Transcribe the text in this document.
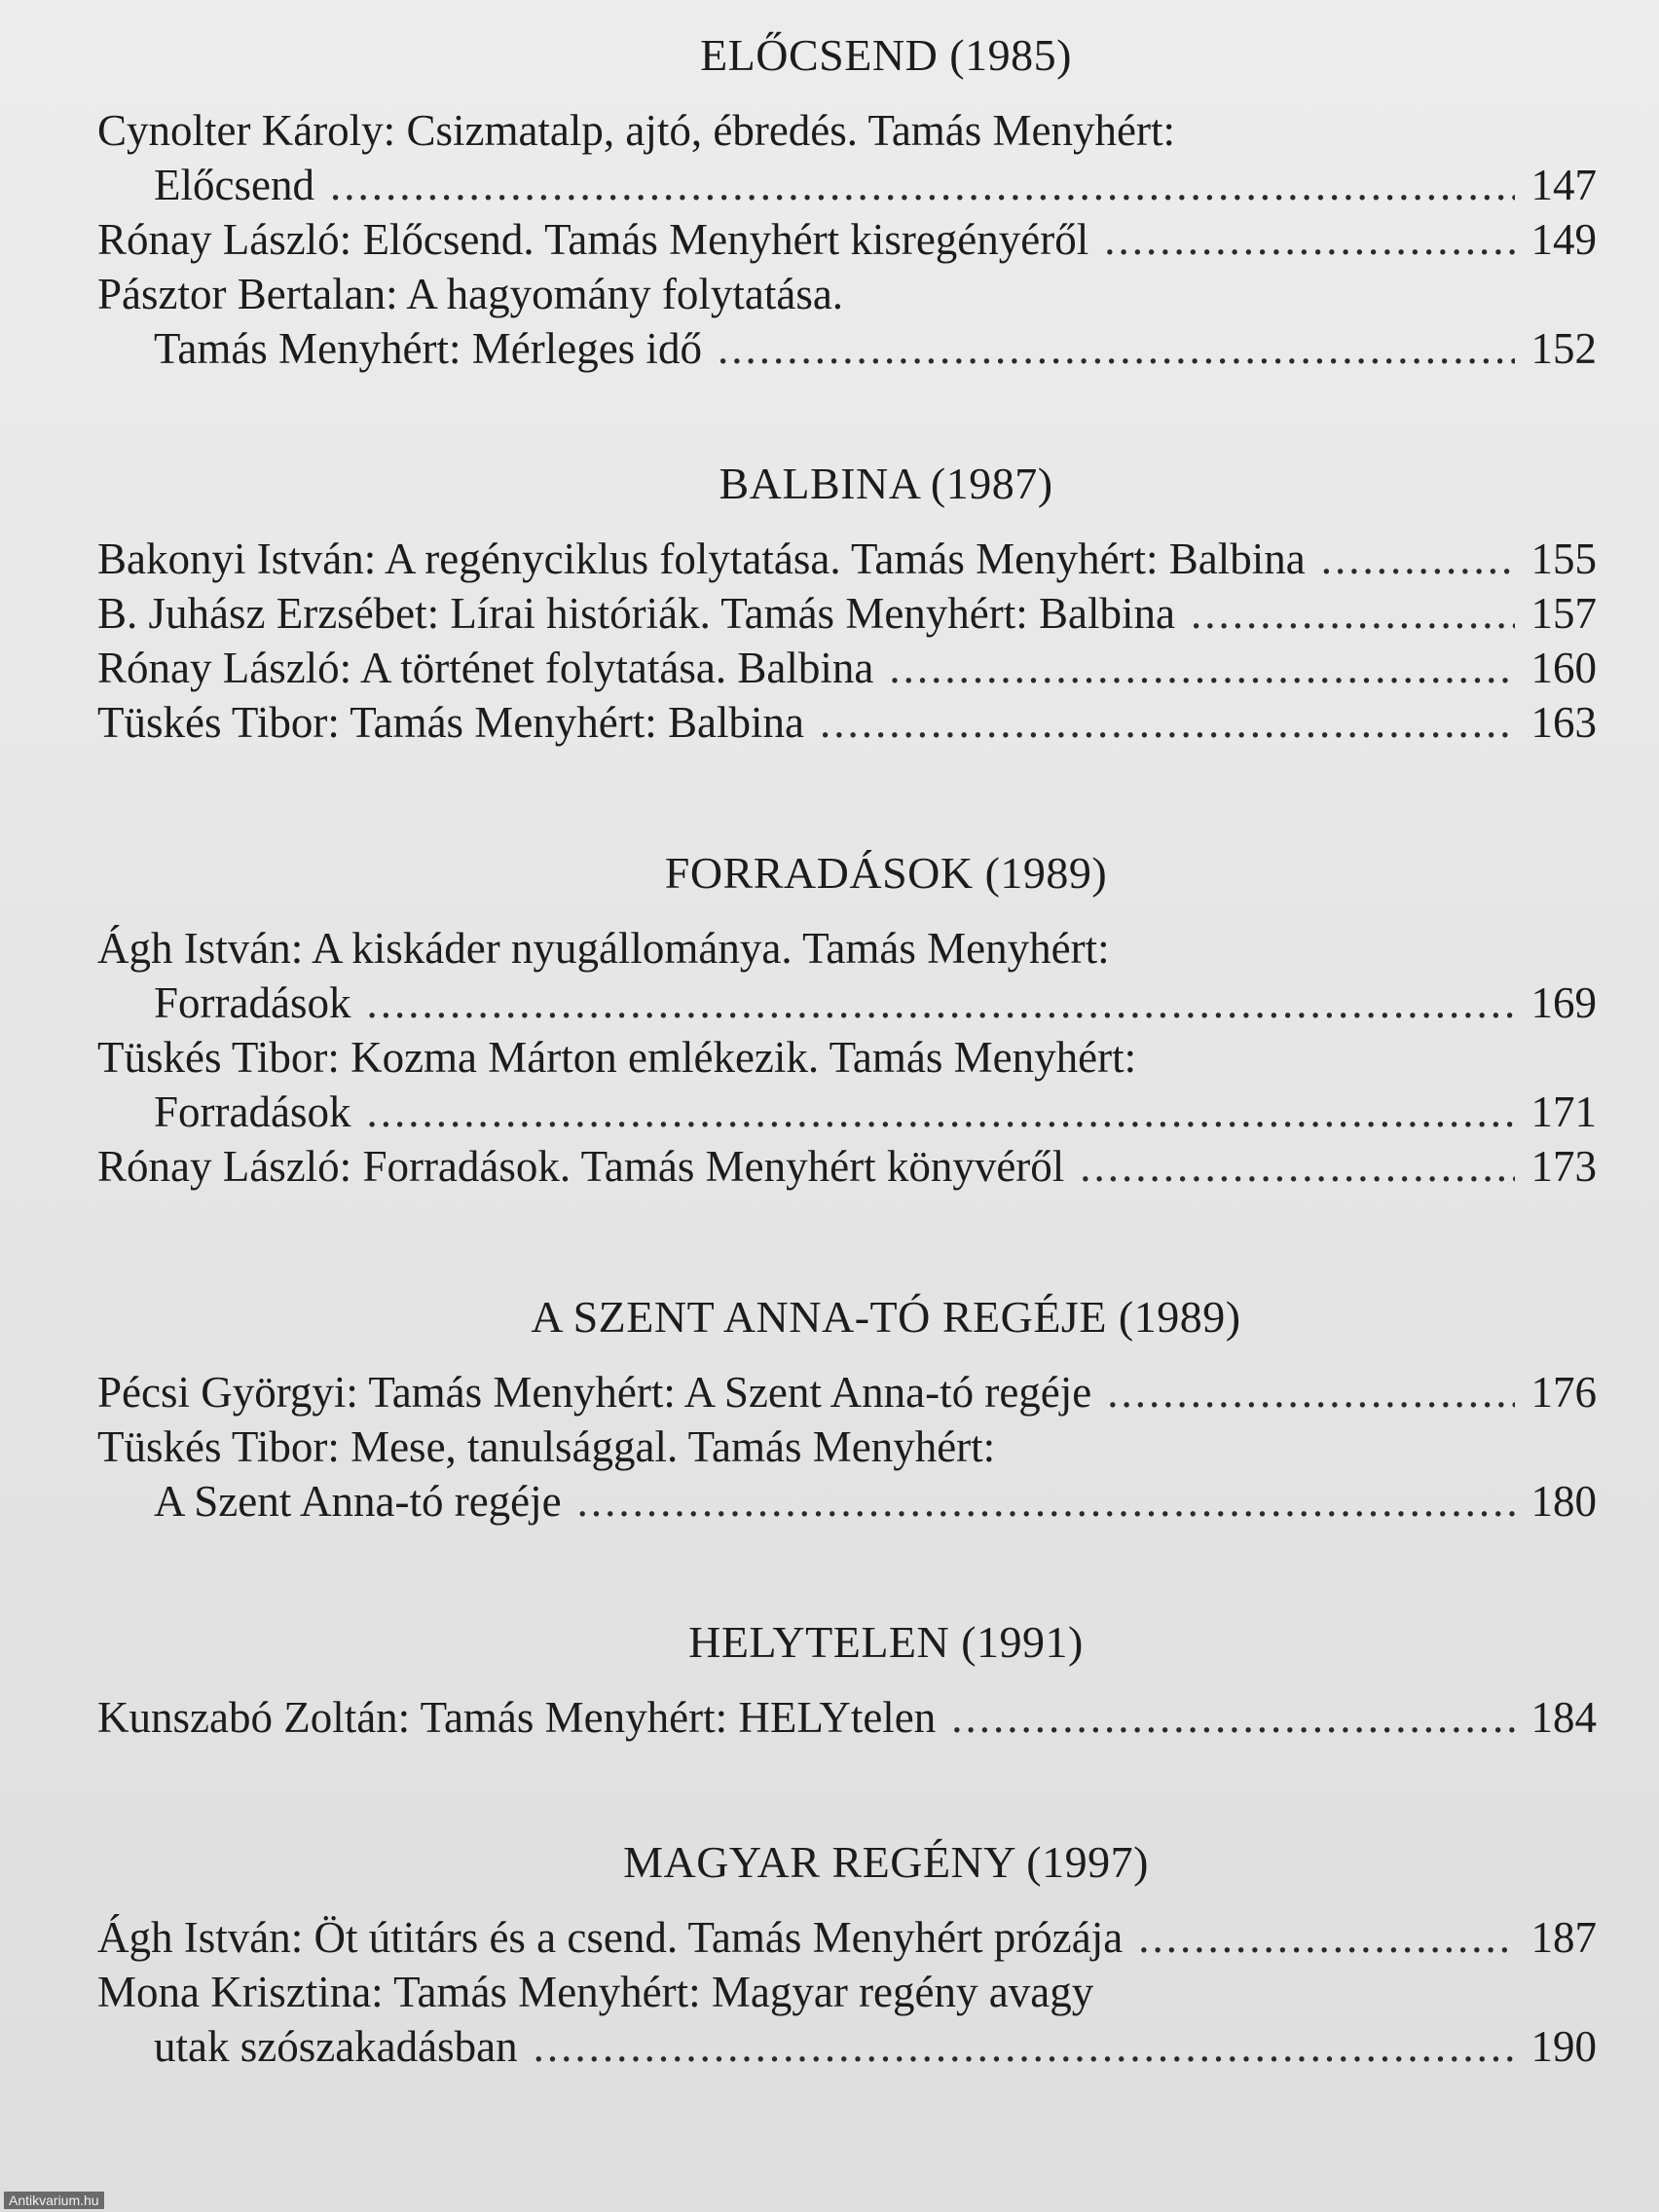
ELŐCSEND (1985)
Cynolter Károly: Csizmatalp, ajtó, ébredés. Tamás Menyhért:
Előcsend .....	147
Rónay László: Előcsend. Tamás Menyhért kisregényéről .....	149
Pásztor Bertalan: A hagyomány folytatása.
Tamás Menyhért: Mérleges idő .....	152
BALBINA (1987)
Bakonyi István: A regényciklus folytatása. Tamás Menyhért: Balbina .....	155
B. Juhász Erzsébet: Lírai históriák. Tamás Menyhért: Balbina .....	157
Rónay László: A történet folytatása. Balbina .....	160
Tüskés Tibor: Tamás Menyhért: Balbina .....	163
FORRADÁSOK (1989)
Ágh István: A kiskáder nyugállománya. Tamás Menyhért:
Forradások .....	169
Tüskés Tibor: Kozma Márton emlékezik. Tamás Menyhért:
Forradások .....	171
Rónay László: Forradások. Tamás Menyhért könyvéről .....	173
A SZENT ANNA-TÓ REGÉJE (1989)
Pécsi Györgyi: Tamás Menyhért: A Szent Anna-tó regéje .....	176
Tüskés Tibor: Mese, tanulsággal. Tamás Menyhért:
A Szent Anna-tó regéje .....	180
HELYTELEN (1991)
Kunszabó Zoltán: Tamás Menyhért: HELYtelen .....	184
MAGYAR REGÉNY (1997)
Ágh István: Öt útitárs és a csend. Tamás Menyhért prózája .....	187
Mona Krisztina: Tamás Menyhért: Magyar regény avagy
utak szószakadásban .....	190
Antikvarium.hu
